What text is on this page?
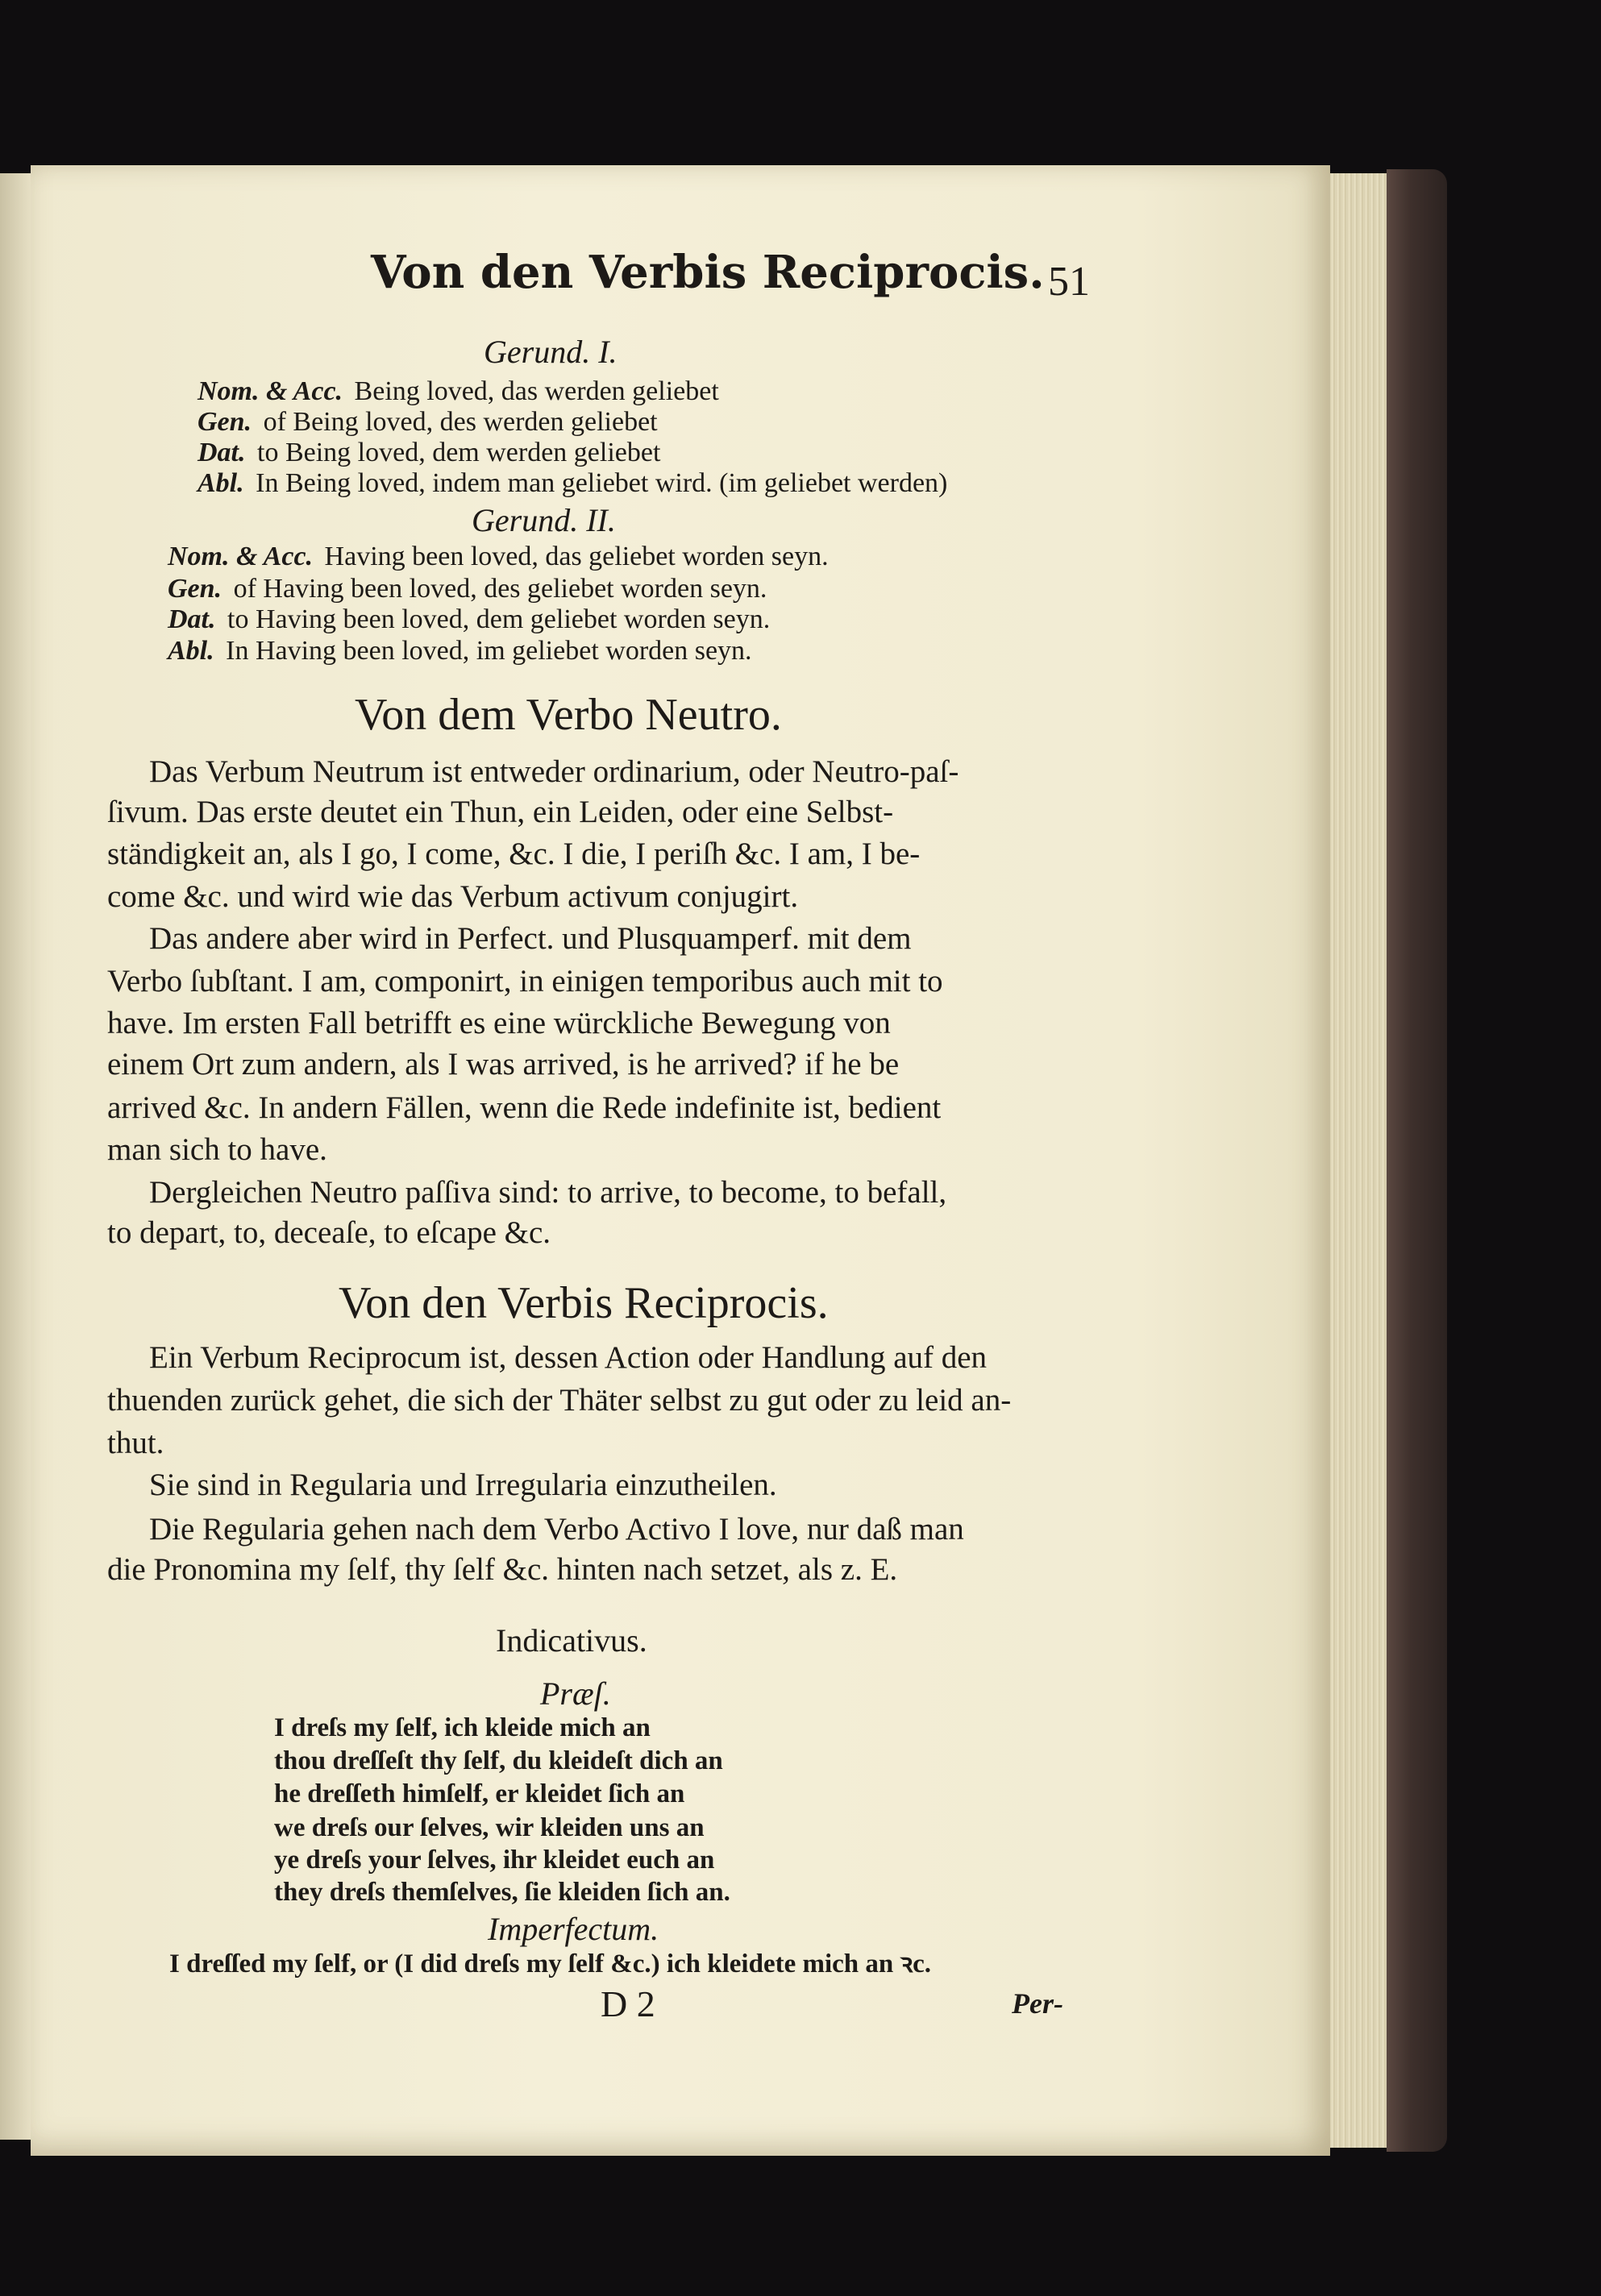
Von den Verbis Reciprocis. 51
Gerund. I.
Nom. & Acc. Being loved, das werden geliebet
Gen. of Being loved, des werden geliebet
Dat. to Being loved, dem werden geliebet
Abl. In Being loved, indem man geliebet wird. (im geliebet werden)
Gerund. II.
Nom. & Acc. Having been loved, das geliebet worden seyn.
Gen. of Having been loved, des geliebet worden seyn.
Dat. to Having been loved, dem geliebet worden seyn.
Abl. In Having been loved, im geliebet worden seyn.
Von dem Verbo Neutro.
Das Verbum Neutrum ist entweder ordinarium, oder Neutro-paſ-
ſivum. Das erste deutet ein Thun, ein Leiden, oder eine Selbst-
ständigkeit an, als I go, I come, &c. I die, I periſh &c. I am, I be-
come &c. und wird wie das Verbum activum conjugirt.
Das andere aber wird in Perfect. und Plusquamperf. mit dem
Verbo ſubſtant. I am, componirt, in einigen temporibus auch mit to
have. Im ersten Fall betrifft es eine würckliche Bewegung von
einem Ort zum andern, als I was arrived, is he arrived? if he be
arrived &c. In andern Fällen, wenn die Rede indefinite ist, bedient
man sich to have.
Dergleichen Neutro paſſiva sind: to arrive, to become, to befall,
to depart, to, deceaſe, to eſcape &c.
Von den Verbis Reciprocis.
Ein Verbum Reciprocum ist, dessen Action oder Handlung auf den
thuenden zurück gehet, die sich der Thäter selbst zu gut oder zu leid an-
thut.
Sie sind in Regularia und Irregularia einzutheilen.
Die Regularia gehen nach dem Verbo Activo I love, nur daß man
die Pronomina my ſelf, thy ſelf &c. hinten nach setzet, als z. E.
Indicativus.
Præſ.
I dreſs my ſelf, ich kleide mich an
thou dreſſeſt thy ſelf, du kleideſt dich an
he dreſſeth himſelf, er kleidet ſich an
we dreſs our ſelves, wir kleiden uns an
ye dreſs your ſelves, ihr kleidet euch an
they dreſs themſelves, ſie kleiden ſich an.
Imperfectum.
I dreſſed my ſelf, or (I did dreſs my ſelf &c.) ich kleidete mich an ꝛc.
D 2	Per-
